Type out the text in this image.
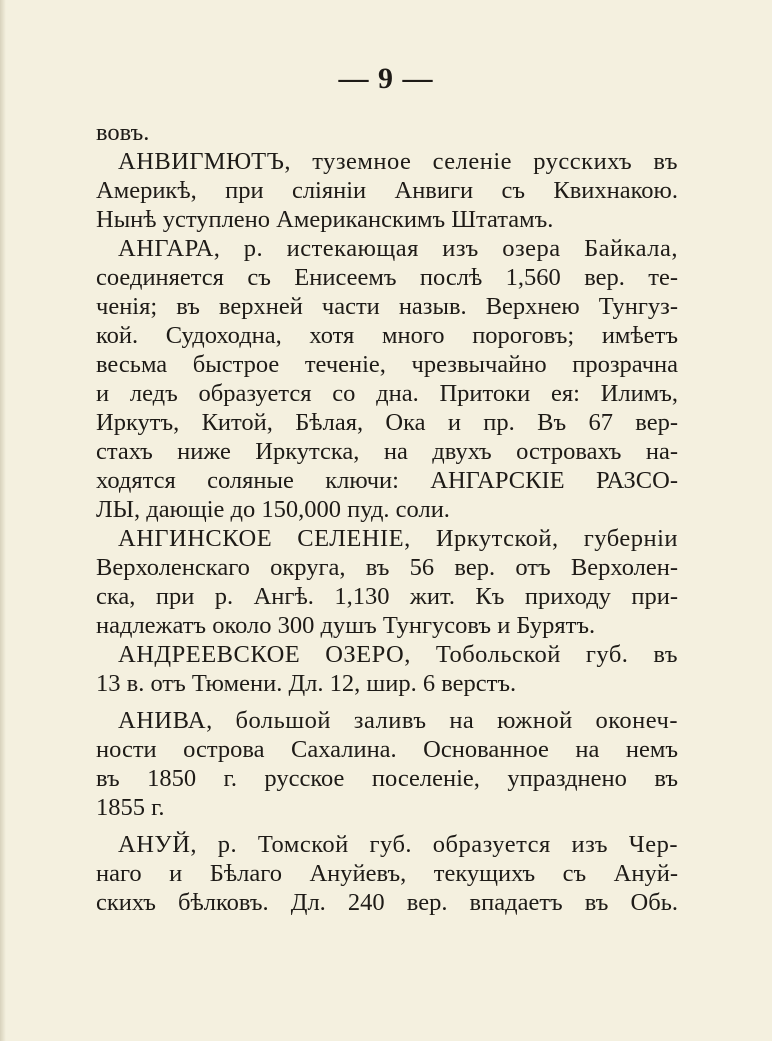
— 9 —
вовъ.
АНВИГМЮТЪ, туземное селеніе русскихъ въ
Америкѣ, при сліяніи Анвиги съ Квихнакою.
Нынѣ уступлено Американскимъ Штатамъ.
АНГАРА, р. истекающая изъ озера Байкала,
соединяется съ Енисеемъ послѣ 1,560 вер. те-
ченія; въ верхней части назыв. Верхнею Тунгуз-
кой. Судоходна, хотя много пороговъ; имѣетъ
весьма быстрое теченіе, чрезвычайно прозрачна
и ледъ образуется со дна. Притоки ея: Илимъ,
Иркутъ, Китой, Бѣлая, Ока и пр. Въ 67 вер-
стахъ ниже Иркутска, на двухъ островахъ на-
ходятся соляные ключи: АНГАРСКІЕ РАЗСО-
ЛЫ, дающіе до 150,000 пуд. соли.
АНГИНСКОЕ СЕЛЕНІЕ, Иркутской, губерніи
Верхоленскаго округа, въ 56 вер. отъ Верхолен-
ска, при р. Ангѣ. 1,130 жит. Къ приходу при-
надлежатъ около 300 душъ Тунгусовъ и Бурятъ.
АНДРЕЕВСКОЕ ОЗЕРО, Тобольской губ. въ
13 в. отъ Тюмени. Дл. 12, шир. 6 верстъ.
АНИВА, большой заливъ на южной оконеч-
ности острова Сахалина. Основанное на немъ
въ 1850 г. русское поселеніе, упразднено въ
1855 г.
АНУЙ, р. Томской губ. образуется изъ Чер-
наго и Бѣлаго Ануйевъ, текущихъ съ Ануй-
скихъ бѣлковъ. Дл. 240 вер. впадаетъ въ Обь.
